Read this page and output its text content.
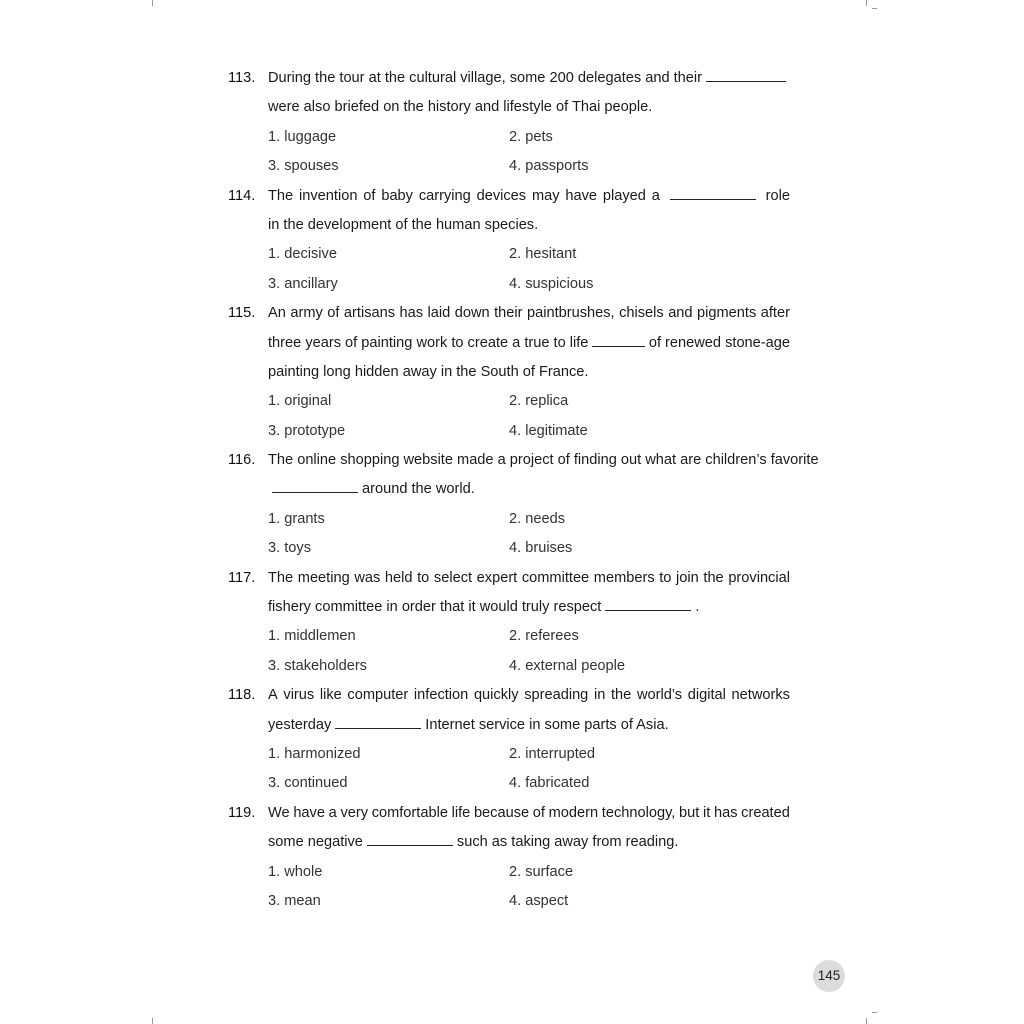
113. During the tour at the cultural village, some 200 delegates and their
were also briefed on the history and lifestyle of Thai people.
1. luggage	2. pets
3. spouses	4. passports
114. The invention of baby carrying devices may have played a	role
in the development of the human species.
1. decisive	2. hesitant
3. ancillary	4. suspicious
115. An army of artisans has laid down their paintbrushes, chisels and pigments after
three years of painting work to create a true to life	of renewed stone-age
painting long hidden away in the South of France.
1. original	2. replica
3. prototype	4. legitimate
116. The online shopping website made a project of finding out what are children’s favorite
around the world.
1. grants	2. needs
3. toys	4. bruises
117. The meeting was held to select expert committee members to join the provincial
fishery committee in order that it would truly respect	.
1. middlemen	2. referees
3. stakeholders	4. external people
118. A virus like computer infection quickly spreading in the world’s digital networks
yesterday	Internet service in some parts of Asia.
1. harmonized	2. interrupted
3. continued	4. fabricated
119. We have a very comfortable life because of modern technology, but it has created
some negative	such as taking away from reading.
1. whole	2. surface
3. mean	4. aspect
145
